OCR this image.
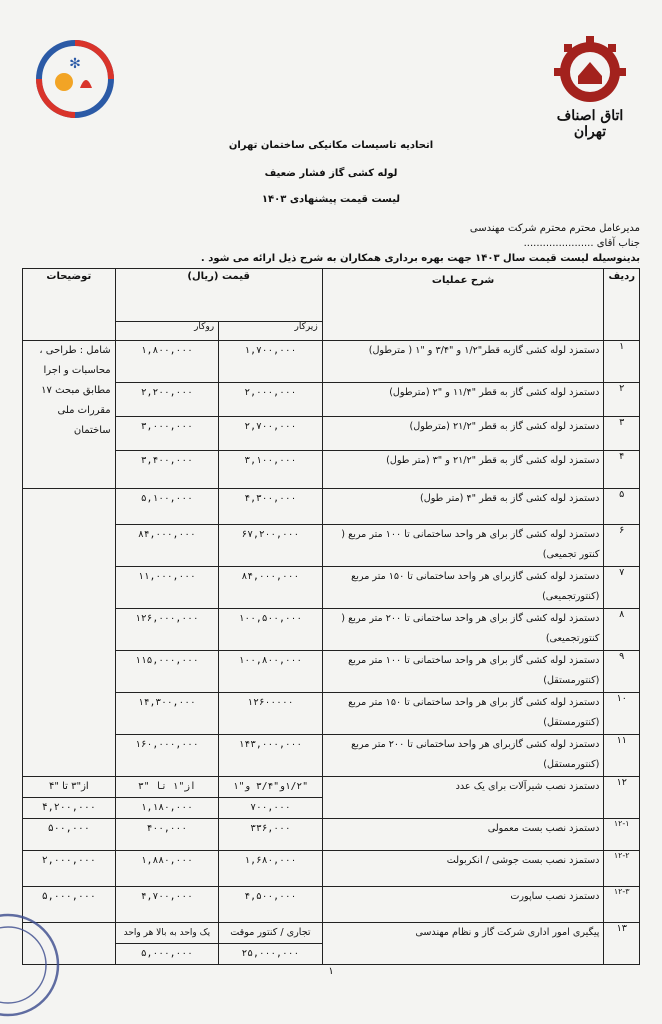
✻
اتاق اصناف تهران
اتحادیه تاسیسات مکانیکی ساختمان تهران
لوله کشی گاز فشار ضعیف
لیست قیمت پیشنهادی ۱۴۰۳
مدیرعامل محترم محترم شرکت مهندسی
جناب آقای ......................
بدینوسیله لیست قیمت سال ۱۴۰۳ جهت بهره برداری همکاران به شرح ذیل ارائه می شود .
ردیف	شرح عملیات	قیمت (ریال)		توضیحات
		زیرکار	روکار	
۱	دستمزد لوله کشی گازبه قطر"۱/۲ و "۳/۴ و "۱ ( مترطول)	۱,۷۰۰,۰۰۰	۱,۸۰۰,۰۰۰	شامل : طراحی ، محاسبات و اجرا مطابق مبحث ۱۷ مقررات ملی ساختمان
۲	دستمزد لوله کشی گاز به قطر "۱۱/۴ و "۲ (مترطول)	۲,۰۰۰,۰۰۰	۲,۲۰۰,۰۰۰	
۳	دستمزد لوله کشی گاز به قطر "۲۱/۲ (مترطول)	۲,۷۰۰,۰۰۰	۳,۰۰۰,۰۰۰	
۴	دستمزد لوله کشی گاز به قطر "۲۱/۲ و "۳ (متر طول)	۳,۱۰۰,۰۰۰	۳,۴۰۰,۰۰۰	
۵	دستمزد لوله کشی گاز به قطر "۴ (متر طول)	۴,۳۰۰,۰۰۰	۵,۱۰۰,۰۰۰	
۶	دستمزد لوله کشی گاز برای هر واحد ساختمانی تا ۱۰۰ متر مربع ( کنتور تجمیعی)	۶۷,۲۰۰,۰۰۰	۸۴,۰۰۰,۰۰۰	
۷	دستمزد لوله کشی گازبرای هر واحد ساختمانی تا ۱۵۰ متر مربع (کنتورتجمیعی)	۸۴,۰۰۰,۰۰۰	۱۱,۰۰۰,۰۰۰	
۸	دستمزد لوله کشی گاز برای هر واحد ساختمانی تا ۲۰۰ متر مربع ( کنتورتجمیعی)	۱۰۰,۵۰۰,۰۰۰	۱۲۶,۰۰۰,۰۰۰	
۹	دستمزد لوله کشی گاز برای هر واحد ساختمانی تا ۱۰۰ متر مربع (کنتورمستقل)	۱۰۰,۸۰۰,۰۰۰	۱۱۵,۰۰۰,۰۰۰	
۱۰	دستمزد لوله کشی گاز برای هر واحد ساختمانی تا ۱۵۰ متر مربع (کنتورمستقل)	۱۲۶۰۰۰۰۰	۱۴,۳۰۰,۰۰۰	
۱۱	دستمزد لوله کشی گازبرای هر واحد ساختمانی تا ۲۰۰ متر مربع (کنتورمستقل)	۱۴۳,۰۰۰,۰۰۰	۱۶۰,۰۰۰,۰۰۰	
۱۲	دستمزد نصب شیرآلات برای یک عدد	"۱/۲و"۳/۴ و"۱	از"۱ تا "۳	از"۳ تا "۴
		۷۰۰,۰۰۰	۱,۱۸۰,۰۰۰	۴,۲۰۰,۰۰۰
۱۲-۱	دستمزد نصب بست معمولی	۳۳۶,۰۰۰	۴۰۰,۰۰۰	۵۰۰,۰۰۰
۱۲-۲	دستمزد نصب بست جوشی / انکربولت	۱,۶۸۰,۰۰۰	۱,۸۸۰,۰۰۰	۲,۰۰۰,۰۰۰
۱۲-۳	دستمزد نصب ساپورت	۴,۵۰۰,۰۰۰	۴,۷۰۰,۰۰۰	۵,۰۰۰,۰۰۰
۱۳	پیگیری امور اداری شرکت گاز و نظام مهندسی	تجاری / کنتور موقت	یک واحد به بالا هر واحد	
		۲۵,۰۰۰,۰۰۰	۵,۰۰۰,۰۰۰	
۱
